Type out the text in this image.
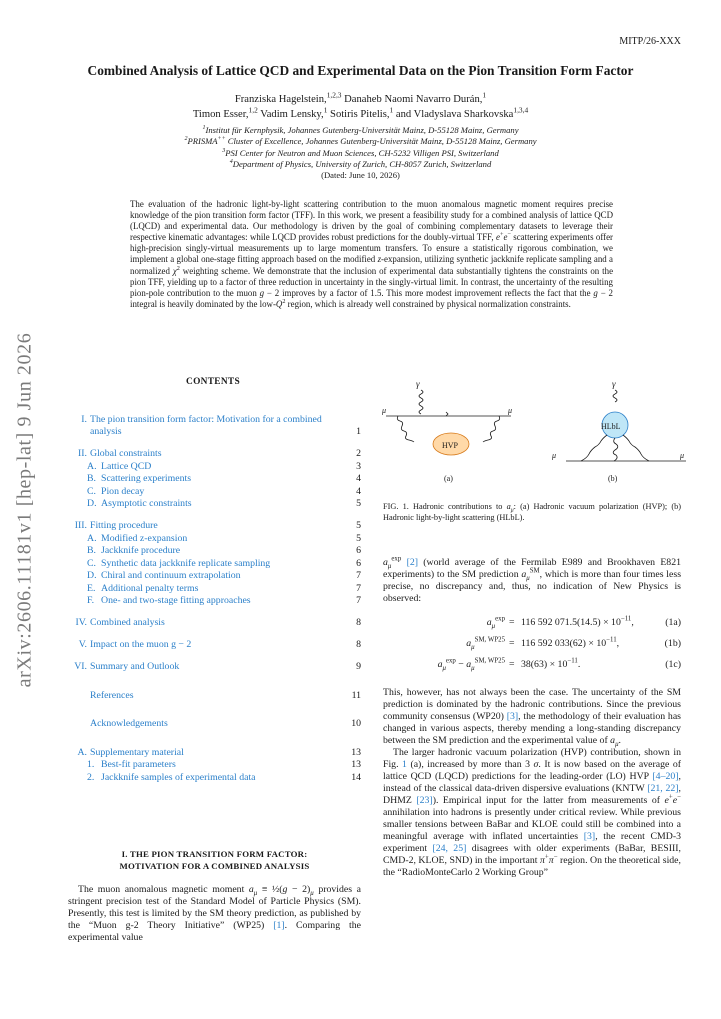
MITP/26-XXX
Combined Analysis of Lattice QCD and Experimental Data on the Pion Transition Form Factor
Franziska Hagelstein,$^{1,2,3}$ Danaheb Naomi Navarro Durán,$^1$
Timon Esser,$^{1,2}$ Vadim Lensky,$^1$ Sotiris Pitelis,$^1$ and Vladyslava Sharkovska$^{1,3,4}$
$^1$Institut für Kernphysik, Johannes Gutenberg-Universität Mainz, D-55128 Mainz, Germany
$^2$PRISMA++ Cluster of Excellence, Johannes Gutenberg-Universität Mainz, D-55128 Mainz, Germany
$^3$PSI Center for Neutron and Muon Sciences, CH-5232 Villigen PSI, Switzerland
$^4$Department of Physics, University of Zurich, CH-8057 Zurich, Switzerland
(Dated: June 10, 2026)
The evaluation of the hadronic light-by-light scattering contribution to the muon anomalous magnetic moment requires precise knowledge of the pion transition form factor (TFF). In this work, we present a feasibility study for a combined analysis of lattice QCD (LQCD) and experimental data. Our methodology is driven by the goal of combining complementary datasets to leverage their respective kinematic advantages: while LQCD provides robust predictions for the doubly-virtual TFF, e+e− scattering experiments offer high-precision singly-virtual measurements up to large momentum transfers. To ensure a statistically rigorous combination, we implement a global one-stage fitting approach based on the modified z-expansion, utilizing synthetic jackknife replicate sampling and a normalized $\chi^2$ weighting scheme. We demonstrate that the inclusion of experimental data substantially tightens the constraints on the pion TFF, yielding up to a factor of three reduction in uncertainty in the singly-virtual limit. In contrast, the uncertainty of the resulting pion-pole contribution to the muon g − 2 improves by a factor of 1.5. This more modest improvement reflects the fact that the g − 2 integral is heavily dominated by the low-$Q^2$ region, which is already well constrained by physical normalization constraints.
arXiv:2606.11181v1 [hep-lat] 9 Jun 2026	CONTENTS
I. The pion transition form factor: Motivation for a combined analysis	1
II. Global constraints	2
A. Lattice QCD	3
B. Scattering experiments	4
C. Pion decay	4
D. Asymptotic constraints	5
III. Fitting procedure	5
A. Modified z-expansion	5
B. Jackknife procedure	6
C. Synthetic data jackknife replicate sampling	6
D. Chiral and continuum extrapolation	7
E. Additional penalty terms	7
F. One- and two-stage fitting approaches	7
IV. Combined analysis	8
V. Impact on the muon g − 2	8
VI. Summary and Outlook	9
References	11
Acknowledgements	10
A. Supplementary material	13
1. Best-fit parameters	13
2. Jackknife samples of experimental data	14
γ
HVP
μ	μ
(a)
γ
HLbL
μ	μ
(b)
FIG. 1. Hadronic contributions to $a_\mu$: (a) Hadronic vacuum polarization (HVP); (b) Hadronic light-by-light scattering (HLbL).
$a_\mu^{exp}$ [2] (world average of the Fermilab E989 and Brookhaven E821 experiments) to the SM prediction $a_\mu℠$, which is more than four times less precise, no discrepancy and, thus, no indication of New Physics is observed:
$a_\mu^{exp} = 116$ 592 $071.5(14.5) \times 10^{-11}$,	(1a)
$a_\mu^{SM, WP25} = 116$ 592 $033(62) \times 10^{-11}$,	(1b)
$a_\mu^{exp} - a_\mu^{SM, WP25} = 38(63) \times 10^{-11}$.	(1c)

This, however, has not always been the case. The uncertainty of the SM prediction is dominated by the hadronic contributions. Since the previous community consensus (WP20) [3], the methodology of their evaluation has changed in various aspects, thereby mending a long-standing discrepancy between the SM prediction and the experimental value of $a_\mu$.

The larger hadronic vacuum polarization (HVP) contribution, shown in Fig. 1 (a), increased by more than 3 σ. It is now based on the average of lattice QCD (LQCD) predictions for the leading-order (LO) HVP [4–20], instead of the classical data-driven dispersive evaluations (KNTW [21, 22], DHMZ [23]). Empirical input for the latter from measurements of e+e− annihilation into hadrons is presently under critical review. While previous smaller tensions between BaBar and KLOE could still be combined into a meaningful average with inflated uncertainties [3], the recent CMD-3 experiment [24, 25] disagrees with older experiments (BaBar, BESIII, CMD-2, KLOE, SND) in the important π+π− region. On the theoretical side, the “RadioMonteCarlo 2 Working Group”

I. THE PION TRANSITION FORM FACTOR:
MOTIVATION FOR A COMBINED ANALYSIS
The muon anomalous magnetic moment $a_\mu$ ≡ ½(g − $2)_\mu$ provides a stringent precision test of the Standard Model of Particle Physics (SM). Presently, this test is limited by the SM theory prediction, as published by the “Muon g-2 Theory Initiative” (WP25) [1]. Comparing the experimental value
